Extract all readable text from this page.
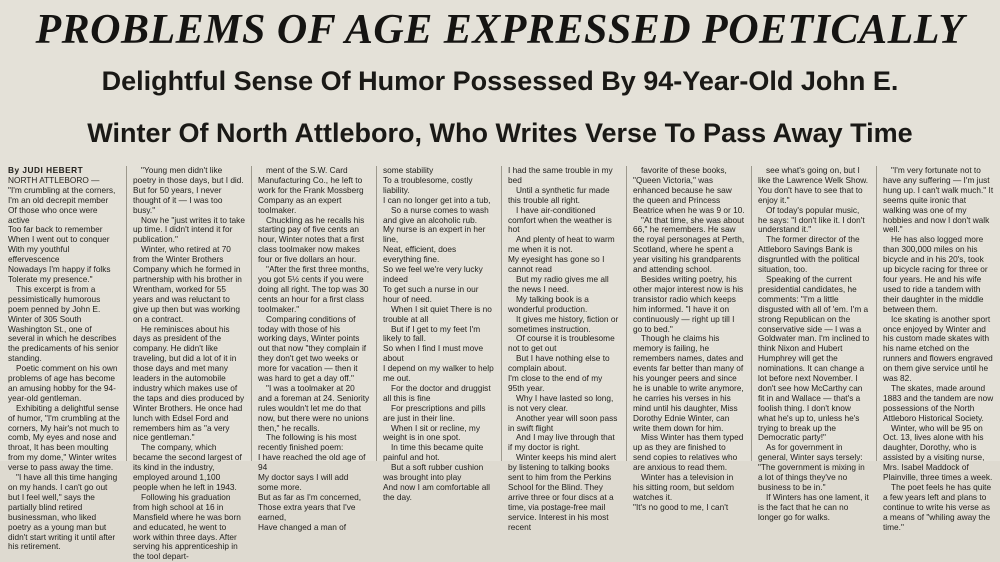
PROBLEMS OF AGE EXPRESSED POETICALLY
Delightful Sense Of Humor Possessed By 94-Year-Old John E.
Winter Of North Attleboro, Who Writes Verse To Pass Away Time

By JUDI HEBERT

NORTH ATTLEBORO —

"I'm crumbling at the corners,

I'm an old decrepit member

Of those who once were active

Too far back to remember

When I went out to conquer

With my youthful effervescence

Nowadays I'm happy if folks

Tolerate my presence."

This excerpt is from a pessimistically humorous poem penned by John E. Winter of 305 South Washington St., one of several in which he describes the predicaments of his senior standing.

Poetic comment on his own problems of age has become an amusing hobby for the 94-year-old gentleman.

Exhibiting a delightful sense of humor, "I'm crumbling at the corners, My hair's not much to comb, My eyes and nose and throat, It has been moulting from my dome," Winter writes verse to pass away the time.

"I have all this time hanging on my hands. I can't go out but I feel well," says the partially blind retired businessman, who liked poetry as a young man but didn't start writing it until after his retirement.

"Young men didn't like poetry in those days, but I did. But for 50 years, I never thought of it — I was too busy."

Now he "just writes it to take up time. I didn't intend it for publication."

Winter, who retired at 70 from the Winter Brothers Company which he formed in partnership with his brother in Wrentham, worked for 55 years and was reluctant to give up then but was working on a contract.

He reminisces about his days as president of the company. He didn't like traveling, but did a lot of it in those days and met many leaders in the automobile industry which makes use of the taps and dies produced by Winter Brothers. He once had lunch with Edsel Ford and remembers him as "a very nice gentleman."

The company, which became the second largest of its kind in the industry, employed around 1,100 people when he left in 1943.

Following his graduation from high school at 16 in Mansfield where he was born and educated, he went to work within three days. After serving his apprenticeship in the tool depart-

ment of the S.W. Card Manufacturing Co., he left to work for the Frank Mossberg Company as an expert toolmaker.

Chuckling as he recalls his starting pay of five cents an hour, Winter notes that a first class toolmaker now makes four or five dollars an hour.

"After the first three months, you got 5½ cents if you were doing all right. The top was 30 cents an hour for a first class toolmaker."

Comparing conditions of today with those of his working days, Winter points out that now "they complain if they don't get two weeks or more for vacation — then it was hard to get a day off."

"I was a toolmaker at 20 and a foreman at 24. Seniority rules wouldn't let me do that now, but there were no unions then," he recalls.

The following is his most recently finished poem:

I have reached the old age of 94

My doctor says I will add some more.

But as far as I'm concerned,

Those extra years that I've earned,

Have changed a man of

some stability

To a troublesome, costly liability.

I can no longer get into a tub,

So a nurse comes to wash and give an alcoholic rub.

My nurse is an expert in her line,

Neat, efficient, does everything fine.

So we feel we're very lucky indeed

To get such a nurse in our hour of need.

When I sit quiet There is no trouble at all

But if I get to my feet I'm likely to fall.

So when I find I must move about

I depend on my walker to help me out.

For the doctor and druggist all this is fine

For prescriptions and pills are just in their line.

When I sit or recline, my weight is in one spot.

In time this became quite painful and hot.

But a soft rubber cushion was brought into play

And now I am comfortable all the day.

I had the same trouble in my bed

Until a synthetic fur made this trouble all right.

I have air-conditioned comfort when the weather is hot

And plenty of heat to warm me when it is not.

My eyesight has gone so I cannot read

But my radio gives me all the news I need.

My talking book is a wonderful production.

It gives me history, fiction or sometimes instruction.

Of course it is troublesome not to get out

But I have nothing else to complain about.

I'm close to the end of my 95th year.

Why I have lasted so long, is not very clear.

Another year will soon pass in swift flight

And I may live through that if my doctor is right.

Winter keeps his mind alert by listening to talking books sent to him from the Perkins School for the Blind. They arrive three or four discs at a time, via postage-free mail service. Interest in his most recent

favorite of these books, "Queen Victoria," was enhanced because he saw the queen and Princess Beatrice when he was 9 or 10.

"At that time, she was about 66," he remembers. He saw the royal personages at Perth, Scotland, where he spent a year visiting his grandparents and attending school.

Besides writing poetry, his other major interest now is his transistor radio which keeps him informed. "I have it on continuously — right up till I go to bed."

Though he claims his memory is failing, he remembers names, dates and events far better than many of his younger peers and since he is unable to write anymore, he carries his verses in his mind until his daughter, Miss Dorothy Ednie Winter, can write them down for him.

Miss Winter has them typed up as they are finished to send copies to relatives who are anxious to read them.

Winter has a television in his sitting room, but seldom watches it.

"It's no good to me, I can't

see what's going on, but I like the Lawrence Welk Show. You don't have to see that to enjoy it."

Of today's popular music, he says: "I don't like it. I don't understand it."

The former director of the Attleboro Savings Bank is disgruntled with the political situation, too.

Speaking of the current presidential candidates, he comments: "I'm a little disgusted with all of 'em. I'm a strong Republican on the conservative side — I was a Goldwater man. I'm inclined to think Nixon and Hubert Humphrey will get the nominations. It can change a lot before next November. I don't see how McCarthy can fit in and Wallace — that's a foolish thing. I don't know what he's up to, unless he's trying to break up the Democratic party!"

As for government in general, Winter says tersely: "The government is mixing in a lot of things they've no business to be in."

If Winters has one lament, it is the fact that he can no longer go for walks.

"I'm very fortunate not to have any suffering — I'm just hung up. I can't walk much." It seems quite ironic that walking was one of my hobbies and now I don't walk well."

He has also logged more than 300,000 miles on his bicycle and in his 20's, took up bicycle racing for three or four years. He and his wife used to ride a tandem with their daughter in the middle between them.

Ice skating is another sport once enjoyed by Winter and his custom made skates with his name etched on the runners and flowers engraved on them give service until he was 82.

The skates, made around 1883 and the tandem are now possessions of the North Attleboro Historical Society.

Winter, who will be 95 on Oct. 13, lives alone with his daughter, Dorothy, who is assisted by a visiting nurse, Mrs. Isabel Maddock of Plainville, three times a week.

The poet feels he has quite a few years left and plans to continue to write his verse as a means of "whiling away the time."
